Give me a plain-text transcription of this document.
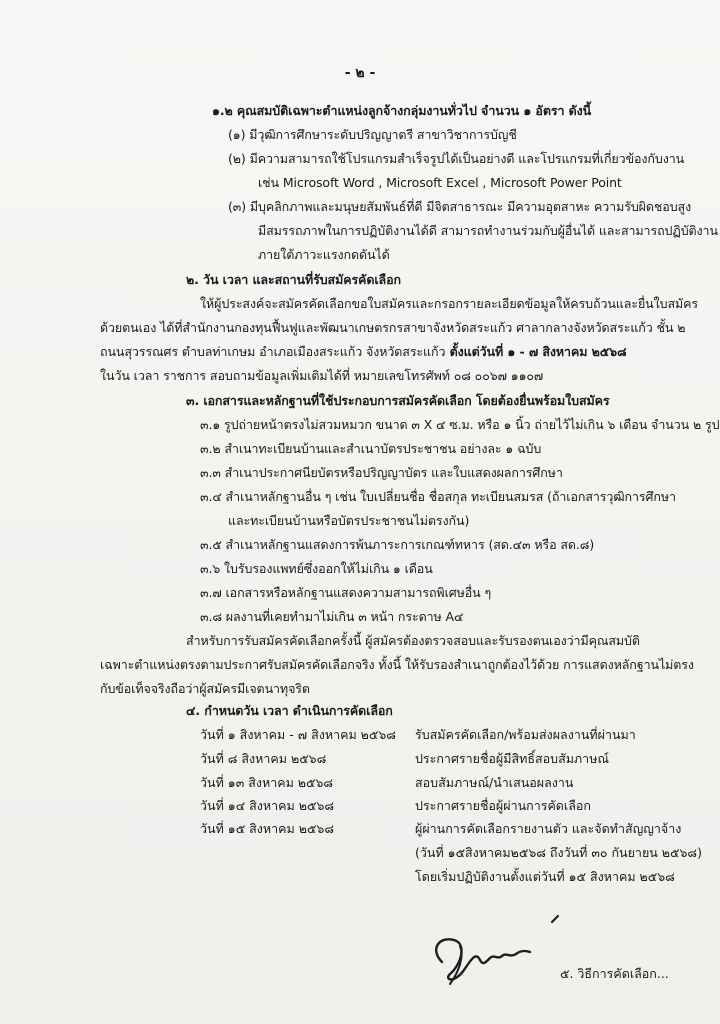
- ๒ -
๑.๒ คุณสมบัติเฉพาะตำแหน่งลูกจ้างกลุ่มงานทั่วไป จำนวน ๑ อัตรา ดังนี้
(๑) มีวุฒิการศึกษาระดับปริญญาตรี สาขาวิชาการบัญชี
(๒) มีความสามารถใช้โปรแกรมสำเร็จรูปได้เป็นอย่างดี และโปรแกรมที่เกี่ยวข้องกับงาน
เช่น Microsoft Word , Microsoft Excel , Microsoft Power Point
(๓) มีบุคลิกภาพและมนุษยสัมพันธ์ที่ดี มีจิตสาธารณะ มีความอุตสาหะ ความรับผิดชอบสูง
มีสมรรถภาพในการปฏิบัติงานได้ดี สามารถทำงานร่วมกับผู้อื่นได้ และสามารถปฏิบัติงาน
ภายใต้ภาวะแรงกดดันได้
๒. วัน เวลา และสถานที่รับสมัครคัดเลือก
ให้ผู้ประสงค์จะสมัครคัดเลือกขอใบสมัครและกรอกรายละเอียดข้อมูลให้ครบถ้วนและยื่นใบสมัคร
ด้วยตนเอง ได้ที่สำนักงานกองทุนฟื้นฟูและพัฒนาเกษตรกรสาขาจังหวัดสระแก้ว ศาลากลางจังหวัดสระแก้ว ชั้น ๒
ถนนสุวรรณศร ตำบลท่าเกษม อำเภอเมืองสระแก้ว จังหวัดสระแก้ว ตั้งแต่วันที่ ๑ - ๗ สิงหาคม ๒๕๖๘
ในวัน เวลา ราชการ สอบถามข้อมูลเพิ่มเติมได้ที่ หมายเลขโทรศัพท์ ๐๘ ๐๐๖๗ ๑๑๐๗
๓. เอกสารและหลักฐานที่ใช้ประกอบการสมัครคัดเลือก โดยต้องยื่นพร้อมใบสมัคร
๓.๑ รูปถ่ายหน้าตรงไม่สวมหมวก ขนาด ๓ X ๔ ซ.ม. หรือ ๑ นิ้ว ถ่ายไว้ไม่เกิน ๖ เดือน จำนวน ๒ รูป
๓.๒ สำเนาทะเบียนบ้านและสำเนาบัตรประชาชน อย่างละ ๑ ฉบับ
๓.๓ สำเนาประกาศนียบัตรหรือปริญญาบัตร และใบแสดงผลการศึกษา
๓.๔ สำเนาหลักฐานอื่น ๆ เช่น ใบเปลี่ยนชื่อ ชื่อสกุล ทะเบียนสมรส (ถ้าเอกสารวุฒิการศึกษา
และทะเบียนบ้านหรือบัตรประชาชนไม่ตรงกัน)
๓.๕ สำเนาหลักฐานแสดงการพ้นภาระการเกณฑ์ทหาร (สด.๔๓ หรือ สด.๘)
๓.๖ ใบรับรองแพทย์ซึ่งออกให้ไม่เกิน ๑ เดือน
๓.๗ เอกสารหรือหลักฐานแสดงความสามารถพิเศษอื่น ๆ
๓.๘ ผลงานที่เคยทำมาไม่เกิน ๓ หน้า กระดาษ A๔
สำหรับการรับสมัครคัดเลือกครั้งนี้ ผู้สมัครต้องตรวจสอบและรับรองตนเองว่ามีคุณสมบัติ
เฉพาะตำแหน่งตรงตามประกาศรับสมัครคัดเลือกจริง ทั้งนี้ ให้รับรองสำเนาถูกต้องไว้ด้วย การแสดงหลักฐานไม่ตรง
กับข้อเท็จจริงถือว่าผู้สมัครมีเจตนาทุจริต
๔. กำหนดวัน เวลา ดำเนินการคัดเลือก
วันที่ ๑ สิงหาคม - ๗ สิงหาคม ๒๕๖๘ รับสมัครคัดเลือก/พร้อมส่งผลงานที่ผ่านมา
วันที่ ๘ สิงหาคม ๒๕๖๘	ประกาศรายชื่อผู้มีสิทธิ์สอบสัมภาษณ์
วันที่ ๑๓ สิงหาคม ๒๕๖๘	สอบสัมภาษณ์/นำเสนอผลงาน
วันที่ ๑๔ สิงหาคม ๒๕๖๘	ประกาศรายชื่อผู้ผ่านการคัดเลือก
วันที่ ๑๕ สิงหาคม ๒๕๖๘	ผู้ผ่านการคัดเลือกรายงานตัว และจัดทำสัญญาจ้าง
(วันที่ ๑๕สิงหาคม๒๕๖๘ ถึงวันที่ ๓๐ กันยายน ๒๕๖๘)
โดยเริ่มปฏิบัติงานตั้งแต่วันที่ ๑๕ สิงหาคม ๒๕๖๘
๕. วิธีการคัดเลือก...
